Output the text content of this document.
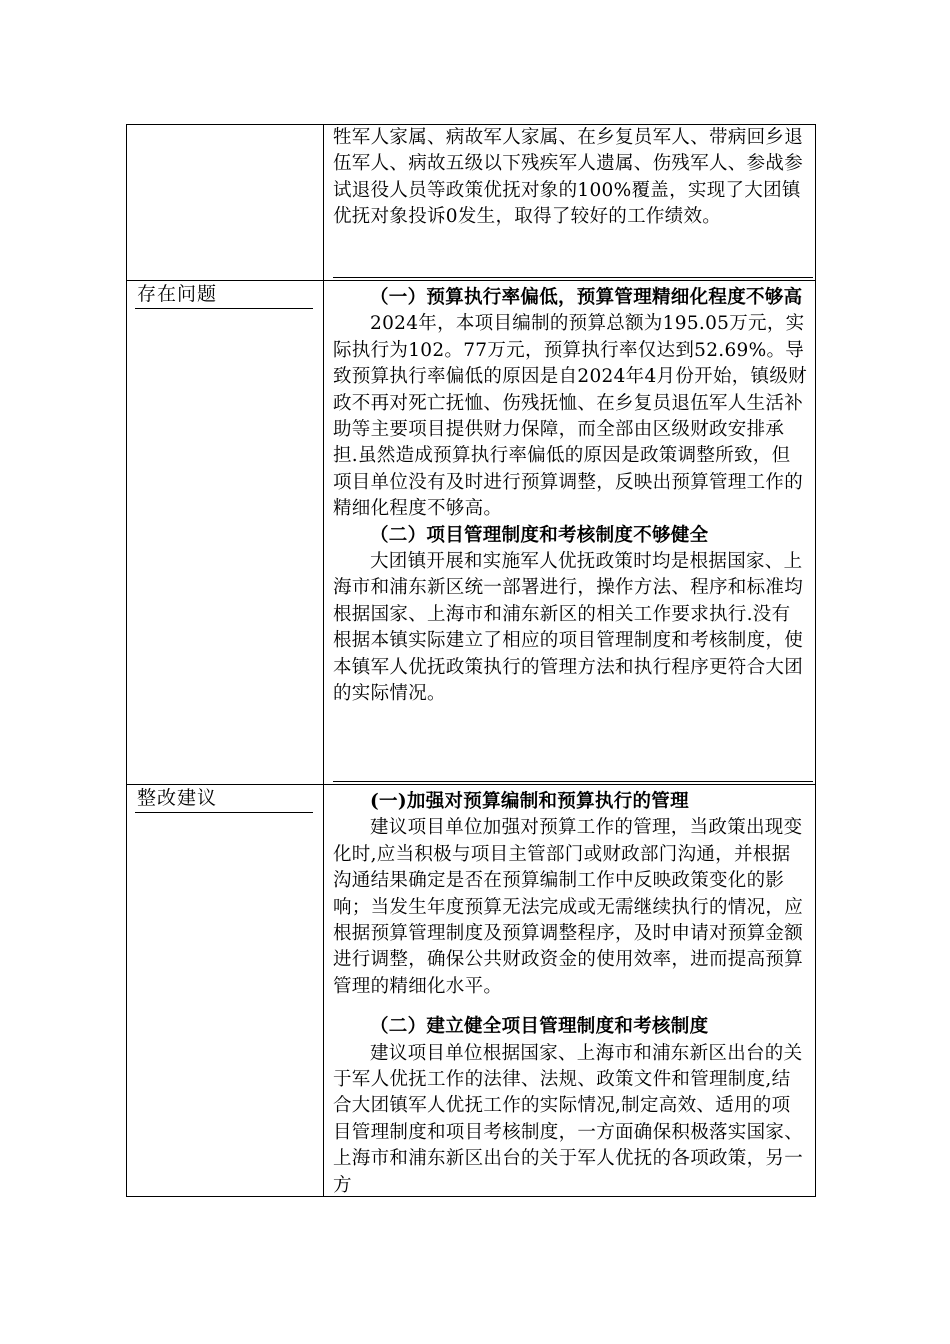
牲军人家属、病故军人家属、在乡复员军人、带病回乡退伍军人、病故五级以下残疾军人遗属、伤残军人、参战参试退役人员等政策优抚对象的100%覆盖，实现了大团镇优抚对象投诉0发生，取得了较好的工作绩效。

存在问题	（一）预算执行率偏低，预算管理精细化程度不够高

2024年，本项目编制的预算总额为195.05万元，实际执行为102。77万元，预算执行率仅达到52.69%。导致预算执行率偏低的原因是自2024年4月份开始，镇级财政不再对死亡抚恤、伤残抚恤、在乡复员退伍军人生活补助等主要项目提供财力保障，而全部由区级财政安排承担.虽然造成预算执行率偏低的原因是政策调整所致，但项目单位没有及时进行预算调整，反映出预算管理工作的精细化程度不够高。

（二）项目管理制度和考核制度不够健全

大团镇开展和实施军人优抚政策时均是根据国家、上海市和浦东新区统一部署进行，操作方法、程序和标准均根据国家、上海市和浦东新区的相关工作要求执行.没有根据本镇实际建立了相应的项目管理制度和考核制度，使本镇军人优抚政策执行的管理方法和执行程序更符合大团的实际情况。

整改建议	(一)加强对预算编制和预算执行的管理

建议项目单位加强对预算工作的管理，当政策出现变化时,应当积极与项目主管部门或财政部门沟通，并根据沟通结果确定是否在预算编制工作中反映政策变化的影响；当发生年度预算无法完成或无需继续执行的情况，应根据预算管理制度及预算调整程序，及时申请对预算金额进行调整，确保公共财政资金的使用效率，进而提高预算管理的精细化水平。

（二）建立健全项目管理制度和考核制度

建议项目单位根据国家、上海市和浦东新区出台的关于军人优抚工作的法律、法规、政策文件和管理制度,结合大团镇军人优抚工作的实际情况,制定高效、适用的项目管理制度和项目考核制度，一方面确保积极落实国家、上海市和浦东新区出台的关于军人优抚的各项政策，另一方
